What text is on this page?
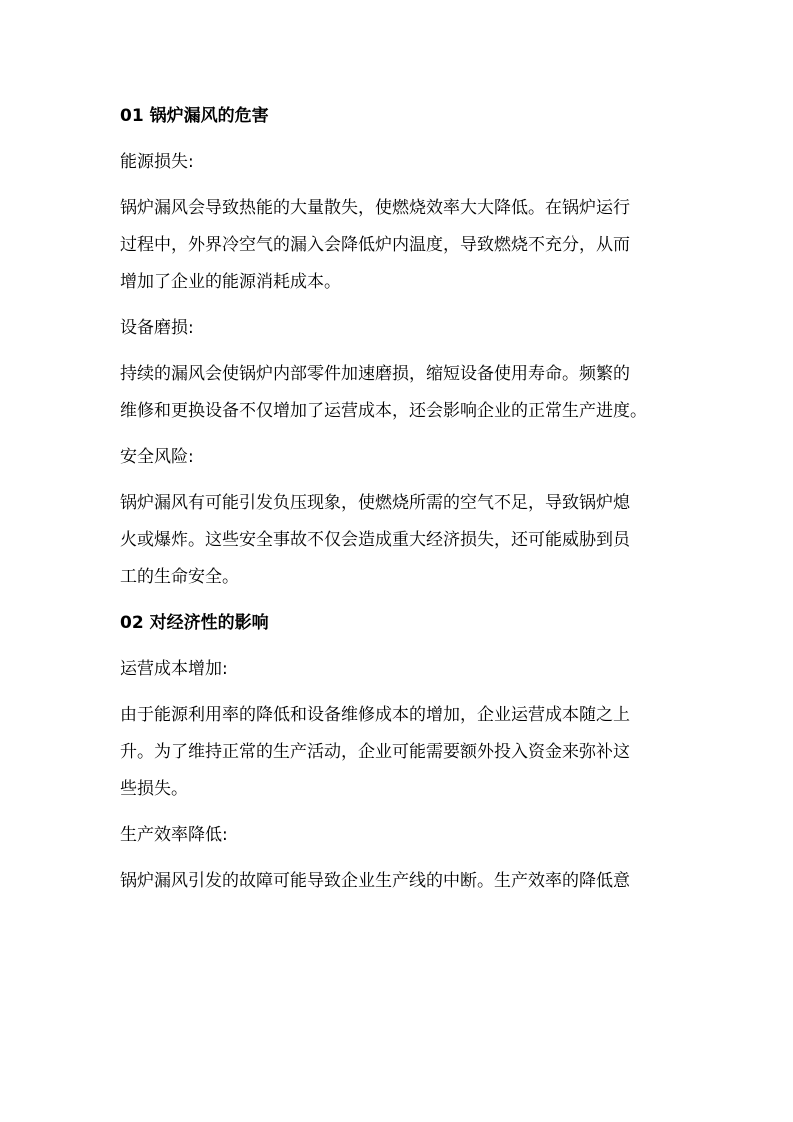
01 锅炉漏风的危害
能源损失:
锅炉漏风会导致热能的大量散失，使燃烧效率大大降低。在锅炉运行
过程中，外界冷空气的漏入会降低炉内温度，导致燃烧不充分，从而
增加了企业的能源消耗成本。
设备磨损:
持续的漏风会使锅炉内部零件加速磨损，缩短设备使用寿命。频繁的
维修和更换设备不仅增加了运营成本，还会影响企业的正常生产进度。
安全风险:
锅炉漏风有可能引发负压现象，使燃烧所需的空气不足，导致锅炉熄
火或爆炸。这些安全事故不仅会造成重大经济损失，还可能威胁到员
工的生命安全。
02 对经济性的影响
运营成本增加:
由于能源利用率的降低和设备维修成本的增加，企业运营成本随之上
升。为了维持正常的生产活动，企业可能需要额外投入资金来弥补这
些损失。
生产效率降低:
锅炉漏风引发的故障可能导致企业生产线的中断。生产效率的降低意
